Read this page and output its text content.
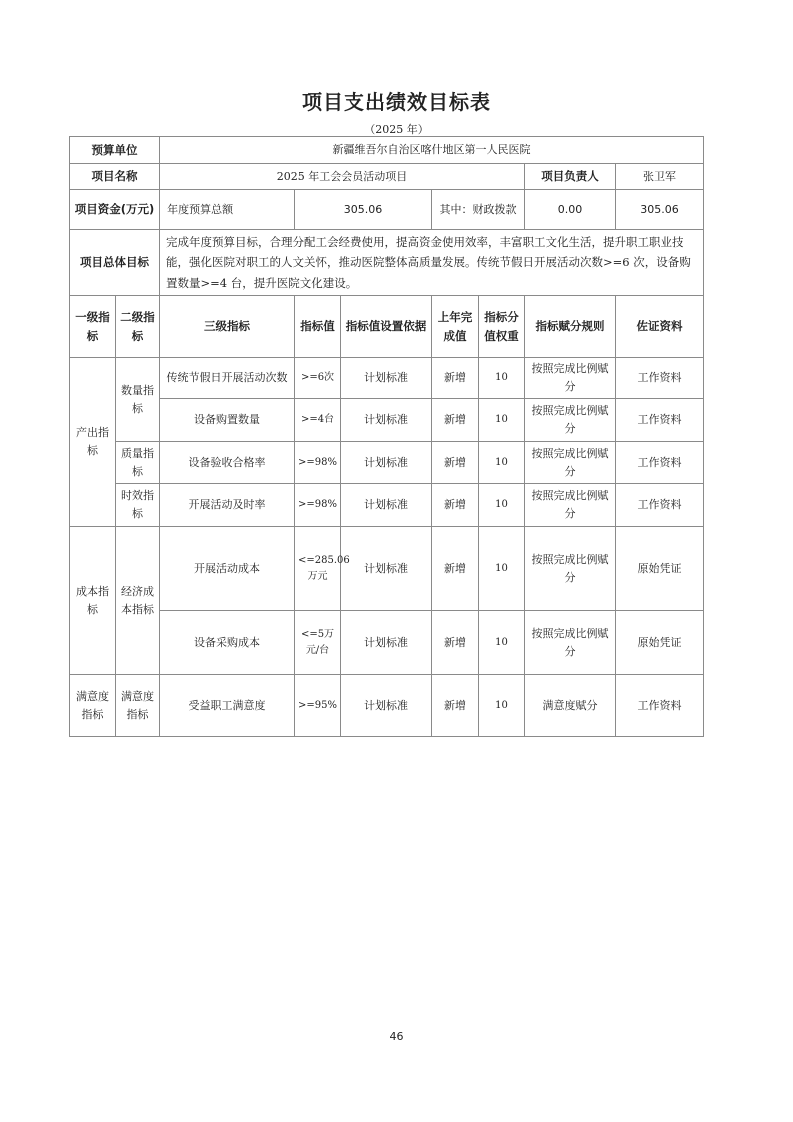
项目支出绩效目标表
（2025 年）
预算单位		新疆维吾尔自治区喀什地区第一人民医院						
项目名称		2025 年工会会员活动项目					项目负责人	张卫军
项目资金(万元)		年度预算总额	305.06		其中：财政拨款		0.00	305.06
项目总体目标		完成年度预算目标，合理分配工会经费使用，提高资金使用效率，丰富职工文化生活，提升职工职业技能，强化医院对职工的人文关怀，推动医院整体高质量发展。传统节假日开展活动次数>=6 次，设备购置数量>=4 台，提升医院文化建设。						
一级指标	二级指标	三级指标	指标值	指标值设置依据	上年完成值	指标分值权重	指标赋分规则	佐证资料
产出指标	数量指标	传统节假日开展活动次数	>=6次	计划标准	新增	10	按照完成比例赋分	工作资料
		设备购置数量	>=4台	计划标准	新增	10	按照完成比例赋分	工作资料
	质量指标	设备验收合格率	>=98%	计划标准	新增	10	按照完成比例赋分	工作资料
	时效指标	开展活动及时率	>=98%	计划标准	新增	10	按照完成比例赋分	工作资料
成本指标	经济成本指标	开展活动成本	<=285.06万元	计划标准	新增	10	按照完成比例赋分	原始凭证
		设备采购成本	<=5万元/台	计划标准	新增	10	按照完成比例赋分	原始凭证
满意度指标	满意度指标	受益职工满意度	>=95%	计划标准	新增	10	满意度赋分	工作资料
46
